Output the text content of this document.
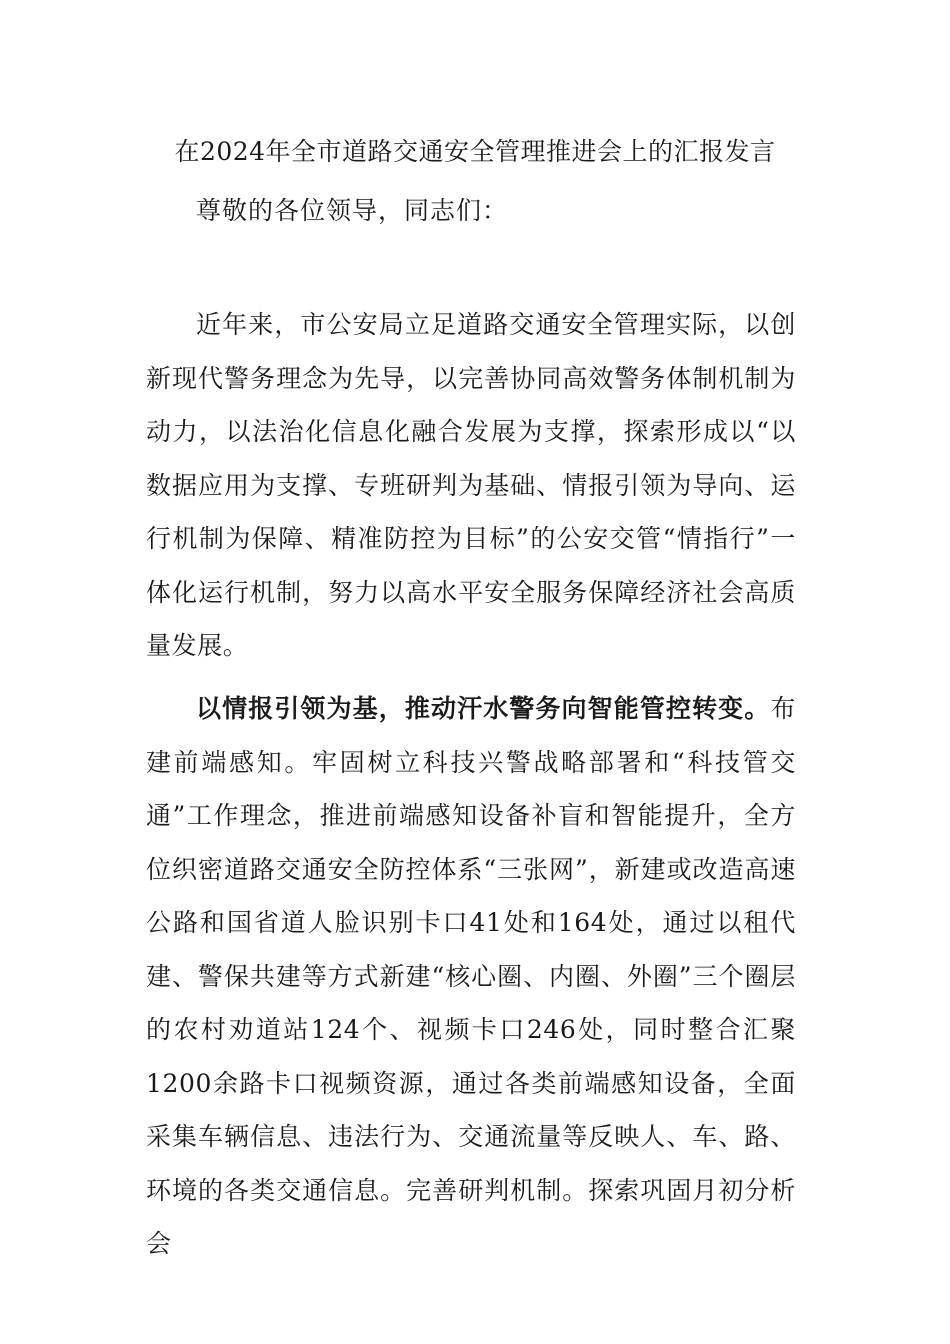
在2024年全市道路交通安全管理推进会上的汇报发言
尊敬的各位领导，同志们：

近年来，市公安局立足道路交通安全管理实际，以创新现代警务理念为先导，以完善协同高效警务体制机制为动力，以法治化信息化融合发展为支撑，探索形成以“以数据应用为支撑、专班研判为基础、情报引领为导向、运行机制为保障、精准防控为目标”的公安交管“情指行”一体化运行机制，努力以高水平安全服务保障经济社会高质量发展。

以情报引领为基，推动汗水警务向智能管控转变。布建前端感知。牢固树立科技兴警战略部署和“科技管交通”工作理念，推进前端感知设备补盲和智能提升，全方位织密道路交通安全防控体系“三张网”，新建或改造高速公路和国省道人脸识别卡口41处和164处，通过以租代建、警保共建等方式新建“核心圈、内圈、外圈”三个圈层的农村劝道站124个、视频卡口246处，同时整合汇聚1200余路卡口视频资源，通过各类前端感知设备，全面采集车辆信息、违法行为、交通流量等反映人、车、路、环境的各类交通信息。完善研判机制。探索巩固月初分析会
